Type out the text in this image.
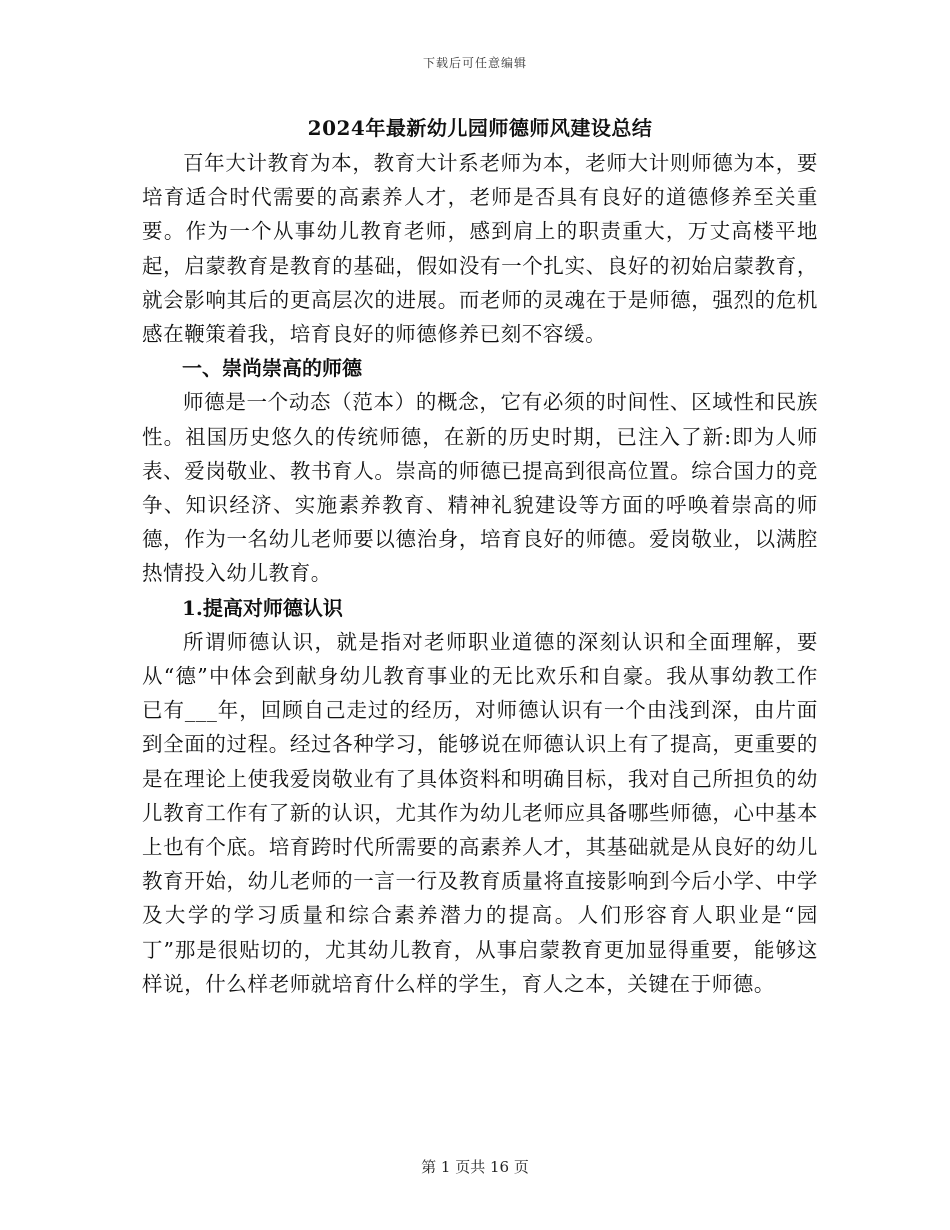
下载后可任意编辑
2024年最新幼儿园师德师风建设总结

百年大计教育为本，教育大计系老师为本，老师大计则师德为本，要培育适合时代需要的高素养人才，老师是否具有良好的道德修养至关重要。作为一个从事幼儿教育老师，感到肩上的职责重大，万丈高楼平地起，启蒙教育是教育的基础，假如没有一个扎实、良好的初始启蒙教育，就会影响其后的更高层次的进展。而老师的灵魂在于是师德，强烈的危机感在鞭策着我，培育良好的师德修养已刻不容缓。

一、崇尚崇高的师德

师德是一个动态（范本）的概念，它有必须的时间性、区域性和民族性。祖国历史悠久的传统师德，在新的历史时期，已注入了新:即为人师表、爱岗敬业、教书育人。崇高的师德已提高到很高位置。综合国力的竞争、知识经济、实施素养教育、精神礼貌建设等方面的呼唤着崇高的师德，作为一名幼儿老师要以德治身，培育良好的师德。爱岗敬业，以满腔热情投入幼儿教育。

1.提高对师德认识

所谓师德认识，就是指对老师职业道德的深刻认识和全面理解，要从“德”中体会到献身幼儿教育事业的无比欢乐和自豪。我从事幼教工作已有___年，回顾自己走过的经历，对师德认识有一个由浅到深，由片面到全面的过程。经过各种学习，能够说在师德认识上有了提高，更重要的是在理论上使我爱岗敬业有了具体资料和明确目标，我对自己所担负的幼儿教育工作有了新的认识，尤其作为幼儿老师应具备哪些师德，心中基本上也有个底。培育跨时代所需要的高素养人才，其基础就是从良好的幼儿教育开始，幼儿老师的一言一行及教育质量将直接影响到今后小学、中学及大学的学习质量和综合素养潜力的提高。人们形容育人职业是“园丁”那是很贴切的，尤其幼儿教育，从事启蒙教育更加显得重要，能够这样说，什么样老师就培育什么样的学生，育人之本，关键在于师德。

第 1 页共 16 页
